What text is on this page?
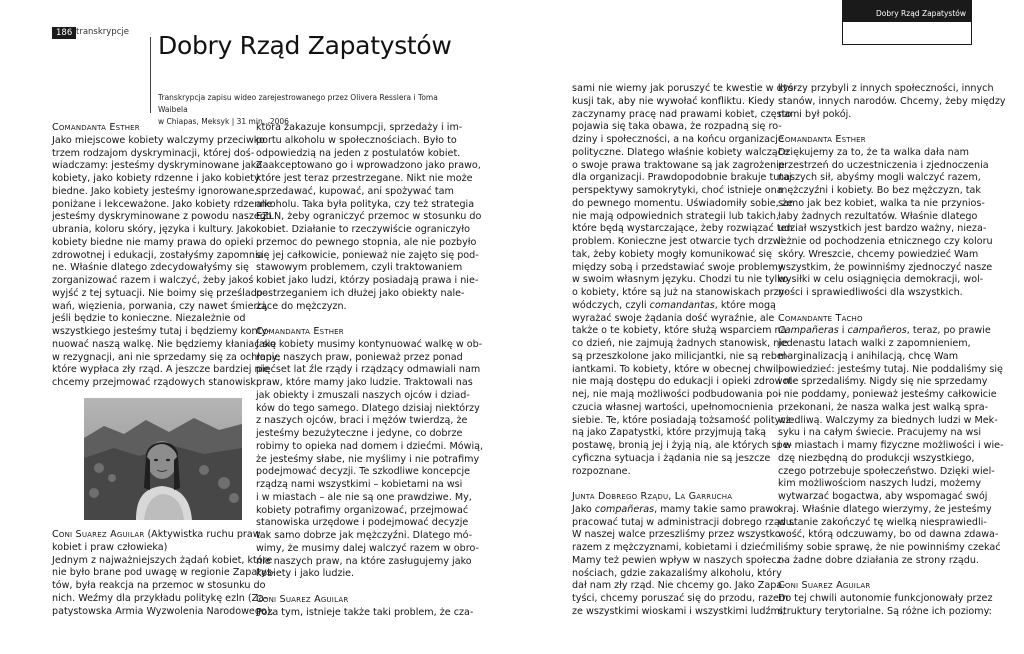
186 transkrypcje Dobry Rząd Zapatystów
Transkrypcja zapisu wideo zarejestrowanego przez Olivera Resslera i Toma Waibela
w Chiapas, Meksyk | 31 min., 2006
Dobry Rząd Zapatystów

Comandanta Esther

Jako miejscowe kobiety walczymy przeciwko

trzem rodzajom dyskryminacji, której doś-

wiadczamy: jesteśmy dyskryminowane jako

kobiety, jako kobiety rdzenne i jako kobiety

biedne. Jako kobiety jesteśmy ignorowane,

poniżane i lekceważone. Jako kobiety rdzenne

jesteśmy dyskryminowane z powodu naszego

ubrania, koloru skóry, języka i kultury. Jako

kobiety biedne nie mamy prawa do opieki

zdrowotnej i edukacji, zostałyśmy zapomnia-

ne. Właśnie dlatego zdecydowałyśmy się

zorganizować razem i walczyć, żeby jakoś

wyjść z tej sytuacji. Nie boimy się prześlado-

wań, więzienia, porwania, czy nawet śmierci,

jeśli będzie to konieczne. Niezależnie od

wszystkiego jesteśmy tutaj i będziemy konty-

nuować naszą walkę. Nie będziemy kłaniać się

w rezygnacji, ani nie sprzedamy się za ochłapy,

które wypłaca zły rząd. A jeszcze bardziej nie

chcemy przejmować rządowych stanowisk.

Coni Suarez Aguilar (Aktywistka ruchu praw

kobiet i praw człowieka)

Jednym z najważniejszych żądań kobiet, które

nie było brane pod uwagę w regionie Zapatys-

tów, była reakcja na przemoc w stosunku do

nich. Weźmy dla przykładu politykę ezln (Za-

patystowska Armia Wyzwolenia Narodowego),

która zakazuje konsumpcji, sprzedaży i im-

portu alkoholu w społecznościach. Było to

odpowiedzią na jeden z postulatów kobiet.

Zaakceptowano go i wprowadzono jako prawo,

które jest teraz przestrzegane. Nikt nie może

sprzedawać, kupować, ani spożywać tam

alkoholu. Taka była polityka, czy też strategia

EZLN, żeby ograniczyć przemoc w stosunku do

kobiet. Działanie to rzeczywiście ograniczyło

przemoc do pewnego stopnia, ale nie pozbyło

się jej całkowicie, ponieważ nie zajęto się pod-

stawowym problemem, czyli traktowaniem

kobiet jako ludzi, którzy posiadają prawa i nie-

postrzeganiem ich dłużej jako obiekty nale-

żące do mężczyzn.

Comandanta Esther

Jako kobiety musimy kontynuować walkę w ob-

ronie naszych praw, ponieważ przez ponad

pięćset lat źle rządy i rządzący odmawiali nam

praw, które mamy jako ludzie. Traktowali nas

jak obiekty i zmuszali naszych ojców i dziad-

ków do tego samego. Dlatego dzisiaj niektórzy

z naszych ojców, braci i mężów twierdzą, że

jesteśmy bezużyteczne i jedyne, co dobrze

robimy to opieka nad domem i dziećmi. Mówią,

że jesteśmy słabe, nie myślimy i nie potrafimy

podejmować decyzji. Te szkodliwe koncepcje

rządzą nami wszystkimi – kobietami na wsi

i w miastach – ale nie są one prawdziwe. My,

kobiety potrafimy organizować, przejmować

stanowiska urzędowe i podejmować decyzje

tak samo dobrze jak mężczyźni. Dlatego mó-

wimy, że musimy dalej walczyć razem w obro-

nie naszych praw, na które zasługujemy jako

kobiety i jako ludzie.

Coni Suarez Aguilar

Poza tym, istnieje także taki problem, że cza-

sami nie wiemy jak poruszyć te kwestie w dys-

kusji tak, aby nie wywołać konfliktu. Kiedy

zaczynamy pracę nad prawami kobiet, często

pojawia się taka obawa, że rozpadną się ro-

dziny i społeczności, a na końcu organizacje

polityczne. Dlatego właśnie kobiety walczące

o swoje prawa traktowane są jak zagrożenie

dla organizacji. Prawdopodobnie brakuje tutaj

perspektywy samokrytyki, choć istnieje ona

do pewnego momentu. Uświadomiły sobie, że

nie mają odpowiednich strategii lub takich,

które będą wystarczające, żeby rozwiązać ten

problem. Konieczne jest otwarcie tych drzwi

tak, żeby kobiety mogły komunikować się

między sobą i przedstawiać swoje problemy

w swoim własnym języku. Chodzi tu nie tylko

o kobiety, które są już na stanowiskach przy-

wódczych, czyli comandantas, które mogą

wyrażać swoje żądania dość wyraźnie, ale

także o te kobiety, które służą wsparciem na

co dzień, nie zajmują żadnych stanowisk, nie

są przeszkolone jako milicjantki, nie są rebel-

iantkami. To kobiety, które w obecnej chwili

nie mają dostępu do edukacji i opieki zdrowot-

nej, nie mają możliwości podbudowania po-

czucia własnej wartości, upełnomocnienia

siebie. Te, które posiadają tożsamość politycz-

ną jako Zapatystki, które przyjmują taką

postawę, bronią jej i żyją nią, ale których spe-

cyficzna sytuacja i żądania nie są jeszcze

rozpoznane.

Junta Dobrego Rządu, La Garrucha

Jako compañeras, mamy takie samo prawo

pracować tutaj w administracji dobrego rządu.

W naszej walce przeszliśmy przez wszystko

razem z mężczyznami, kobietami i dziećmi.

Mamy też pewien wpływ w naszych społecz-

nościach, gdzie zakazaliśmy alkoholu, który

dał nam zły rząd. Nie chcemy go. Jako Zapa-

tyści, chcemy poruszać się do przodu, razem

ze wszystkimi wioskami i wszystkimi ludźmi,

którzy przybyli z innych społeczności, innych

stanów, innych narodów. Chcemy, żeby między

nami był pokój.

Comandanta Esther

Dziękujemy za to, że ta walka dała nam

przestrzeń do uczestniczenia i zjednoczenia

naszych sił, abyśmy mogli walczyć razem,

mężczyźni i kobiety. Bo bez mężczyzn, tak

samo jak bez kobiet, walka ta nie przynios-

łaby żadnych rezultatów. Właśnie dlatego

udział wszystkich jest bardzo ważny, nieza-

leżnie od pochodzenia etnicznego czy koloru

skóry. Wreszcie, chcemy powiedzieć Wam

wszystkim, że powinniśmy zjednoczyć nasze

wysiłki w celu osiągnięcia demokracji, wol-

ności i sprawiedliwości dla wszystkich.

Comandante Tacho

Campañeras i campañeros, teraz, po prawie

jedenastu latach walki z zapomnieniem,

marginalizacją i anihilacją, chcę Wam

powiedzieć: jesteśmy tutaj. Nie poddaliśmy się

i nie sprzedaliśmy. Nigdy się nie sprzedamy

i nie poddamy, ponieważ jesteśmy całkowicie

przekonani, że nasza walka jest walką spra-

wiedliwą. Walczymy za biednych ludzi w Mek-

syku i na całym świecie. Pracujemy na wsi

i w miastach i mamy fizyczne możliwości i wie-

dzę niezbędną do produkcji wszystkiego,

czego potrzebuje społeczeństwo. Dzięki wiel-

kim możliwościom naszych ludzi, możemy

wytwarzać bogactwa, aby wspomagać swój

kraj. Właśnie dlatego wierzymy, że jesteśmy

w stanie zakończyć tę wielką niesprawiedli-

wość, którą odczuwamy, bo od dawna zdawa-

liśmy sobie sprawę, że nie powinniśmy czekać

na żadne dobre działania ze strony rządu.

Coni Suarez Aguilar

Do tej chwili autonomie funkcjonowały przez

struktury terytorialne. Są różne ich poziomy:
